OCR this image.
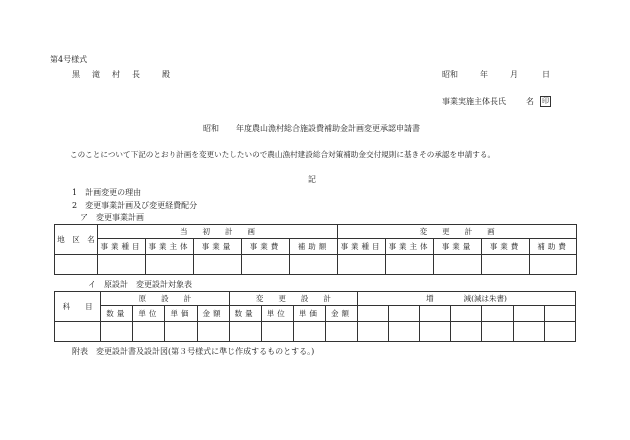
第4号様式
黒　滝　村　長	殿	昭和	年	月	日
事業実施主体長氏	名 印
昭和 年度農山漁村総合施設費補助金計画変更承認申請書
このことについて下記のとおり計画を変更いたしたいので農山漁村建設総合対策補助金交付規則に基きその承認を申請する。
記
1　計画変更の理由
2　変更事業計画及び変更経費配分
ア　変更事業計画
地　区　名	当　　初　　計　　画					変　　更　　計　　画				
	事業種目	事業主体	事業量	事業費	補助額	事業種目	事業主体	事業量	事業費	補助費

イ　原設計　変更設計対象表
科　　目	原　　設　　計				変　　更　　設　　計				増　　　　減(減は朱書)						
	数量	単位	単価	金額	数量	単位	単価	金額							

附表　変更設計書及設計図(第３号様式に準じ作成するものとする。)
